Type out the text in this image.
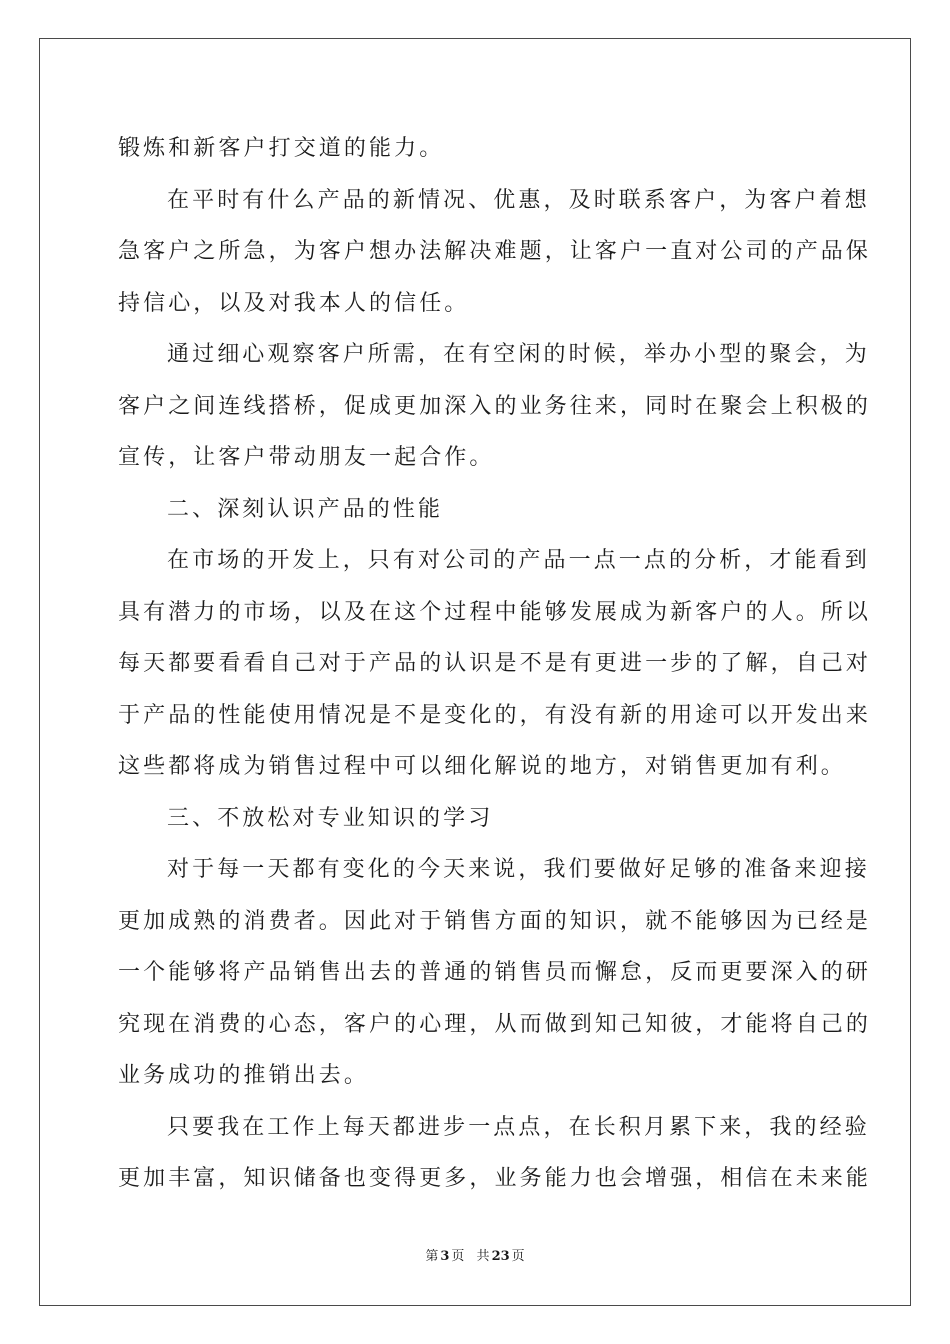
锻炼和新客户打交道的能力。
在平时有什么产品的新情况、优惠，及时联系客户，为客户着想
急客户之所急，为客户想办法解决难题，让客户一直对公司的产品保
持信心，以及对我本人的信任。
通过细心观察客户所需，在有空闲的时候，举办小型的聚会，为
客户之间连线搭桥，促成更加深入的业务往来，同时在聚会上积极的
宣传，让客户带动朋友一起合作。
二、深刻认识产品的性能
在市场的开发上，只有对公司的产品一点一点的分析，才能看到
具有潜力的市场，以及在这个过程中能够发展成为新客户的人。所以
每天都要看看自己对于产品的认识是不是有更进一步的了解，自己对
于产品的性能使用情况是不是变化的，有没有新的用途可以开发出来
这些都将成为销售过程中可以细化解说的地方，对销售更加有利。
三、不放松对专业知识的学习
对于每一天都有变化的今天来说，我们要做好足够的准备来迎接
更加成熟的消费者。因此对于销售方面的知识，就不能够因为已经是
一个能够将产品销售出去的普通的销售员而懈怠，反而更要深入的研
究现在消费的心态，客户的心理，从而做到知己知彼，才能将自己的
业务成功的推销出去。
只要我在工作上每天都进步一点点，在长积月累下来，我的经验
更加丰富，知识储备也变得更多，业务能力也会增强，相信在未来能
第 3 页 共 23 页
